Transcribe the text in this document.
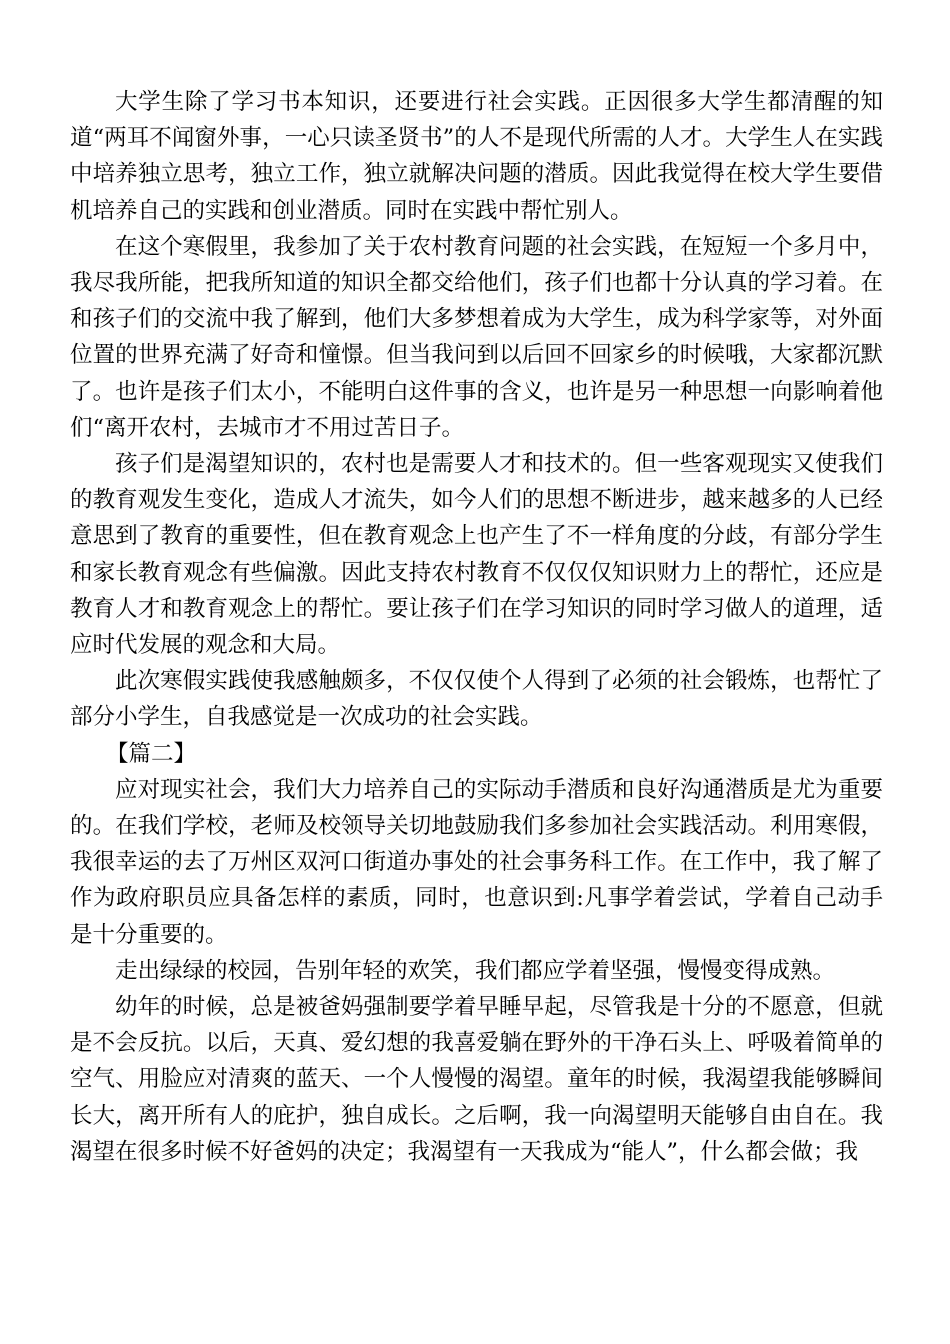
大学生除了学习书本知识，还要进行社会实践。正因很多大学生都清醒的知道“两耳不闻窗外事，一心只读圣贤书”的人不是现代所需的人才。大学生人在实践中培养独立思考，独立工作，独立就解决问题的潜质。因此我觉得在校大学生要借机培养自己的实践和创业潜质。同时在实践中帮忙别人。

在这个寒假里，我参加了关于农村教育问题的社会实践，在短短一个多月中，我尽我所能，把我所知道的知识全都交给他们，孩子们也都十分认真的学习着。在和孩子们的交流中我了解到，他们大多梦想着成为大学生，成为科学家等，对外面位置的世界充满了好奇和憧憬。但当我问到以后回不回家乡的时候哦，大家都沉默了。也许是孩子们太小，不能明白这件事的含义，也许是另一种思想一向影响着他们“离开农村，去城市才不用过苦日子。

孩子们是渴望知识的，农村也是需要人才和技术的。但一些客观现实又使我们的教育观发生变化，造成人才流失，如今人们的思想不断进步，越来越多的人已经意思到了教育的重要性，但在教育观念上也产生了不一样角度的分歧，有部分学生和家长教育观念有些偏激。因此支持农村教育不仅仅仅知识财力上的帮忙，还应是教育人才和教育观念上的帮忙。要让孩子们在学习知识的同时学习做人的道理，适应时代发展的观念和大局。

此次寒假实践使我感触颇多，不仅仅使个人得到了必须的社会锻炼，也帮忙了部分小学生，自我感觉是一次成功的社会实践。

【篇二】

应对现实社会，我们大力培养自己的实际动手潜质和良好沟通潜质是尤为重要的。在我们学校，老师及校领导关切地鼓励我们多参加社会实践活动。利用寒假，我很幸运的去了万州区双河口街道办事处的社会事务科工作。在工作中，我了解了作为政府职员应具备怎样的素质，同时，也意识到:凡事学着尝试，学着自己动手是十分重要的。

走出绿绿的校园，告别年轻的欢笑，我们都应学着坚强，慢慢变得成熟。

幼年的时候，总是被爸妈强制要学着早睡早起，尽管我是十分的不愿意，但就是不会反抗。以后，天真、爱幻想的我喜爱躺在野外的干净石头上、呼吸着简单的空气、用脸应对清爽的蓝天、一个人慢慢的渴望。童年的时候，我渴望我能够瞬间长大，离开所有人的庇护，独自成长。之后啊，我一向渴望明天能够自由自在。我渴望在很多时候不好爸妈的决定；我渴望有一天我成为“能人”，什么都会做；我
